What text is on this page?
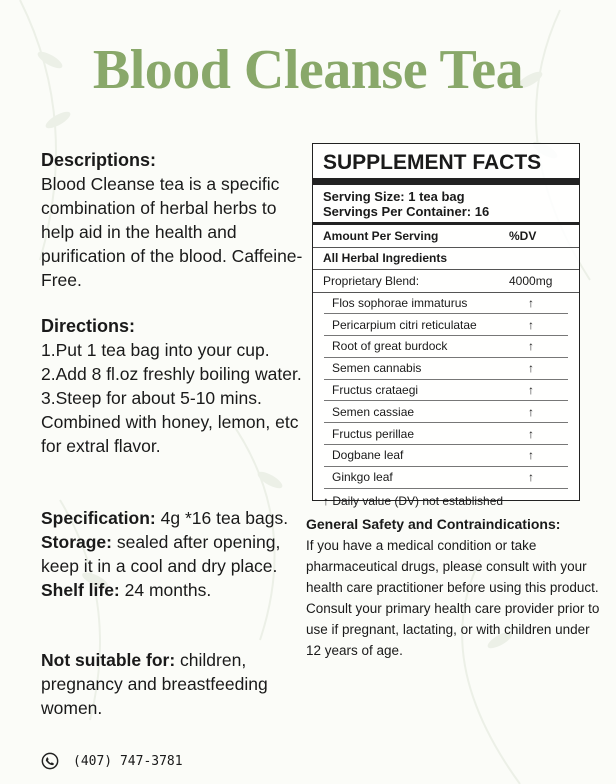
Blood Cleanse Tea

Descriptions:

Blood Cleanse tea is a specific combination of herbal herbs to help aid in the health and purification of the blood. Caffeine-Free.

Directions:

1.Put 1 tea bag into your cup.

2.Add 8 fl.oz freshly boiling water.

3.Steep for about 5-10 mins. Combined with honey, lemon, etc for extral flavor.

Specification: 4g *16 tea bags.

Storage: sealed after opening, keep it in a cool and dry place.

Shelf life: 24 months.

Not suitable for: children, pregnancy and breastfeeding women.

SUPPLEMENT FACTS
Serving Size: 1 tea bag
Servings Per Container: 16
Amount Per Serving	%DV
All Herbal Ingredients
Proprietary Blend:	4000mg
Flos sophorae immaturus	↑
Pericarpium citri reticulatae	↑
Root of great burdock	↑
Semen cannabis	↑
Fructus crataegi	↑
Semen cassiae	↑
Fructus perillae	↑
Dogbane leaf	↑
Ginkgo leaf	↑
↑ Daily value (DV) not established

General Safety and Contraindications:

If you have a medical condition or take pharmaceutical drugs, please consult with your health care practitioner before using this product.

Consult your primary health care provider prior to use if pregnant, lactating, or with children under 12 years of age.

(407) 747-3781
